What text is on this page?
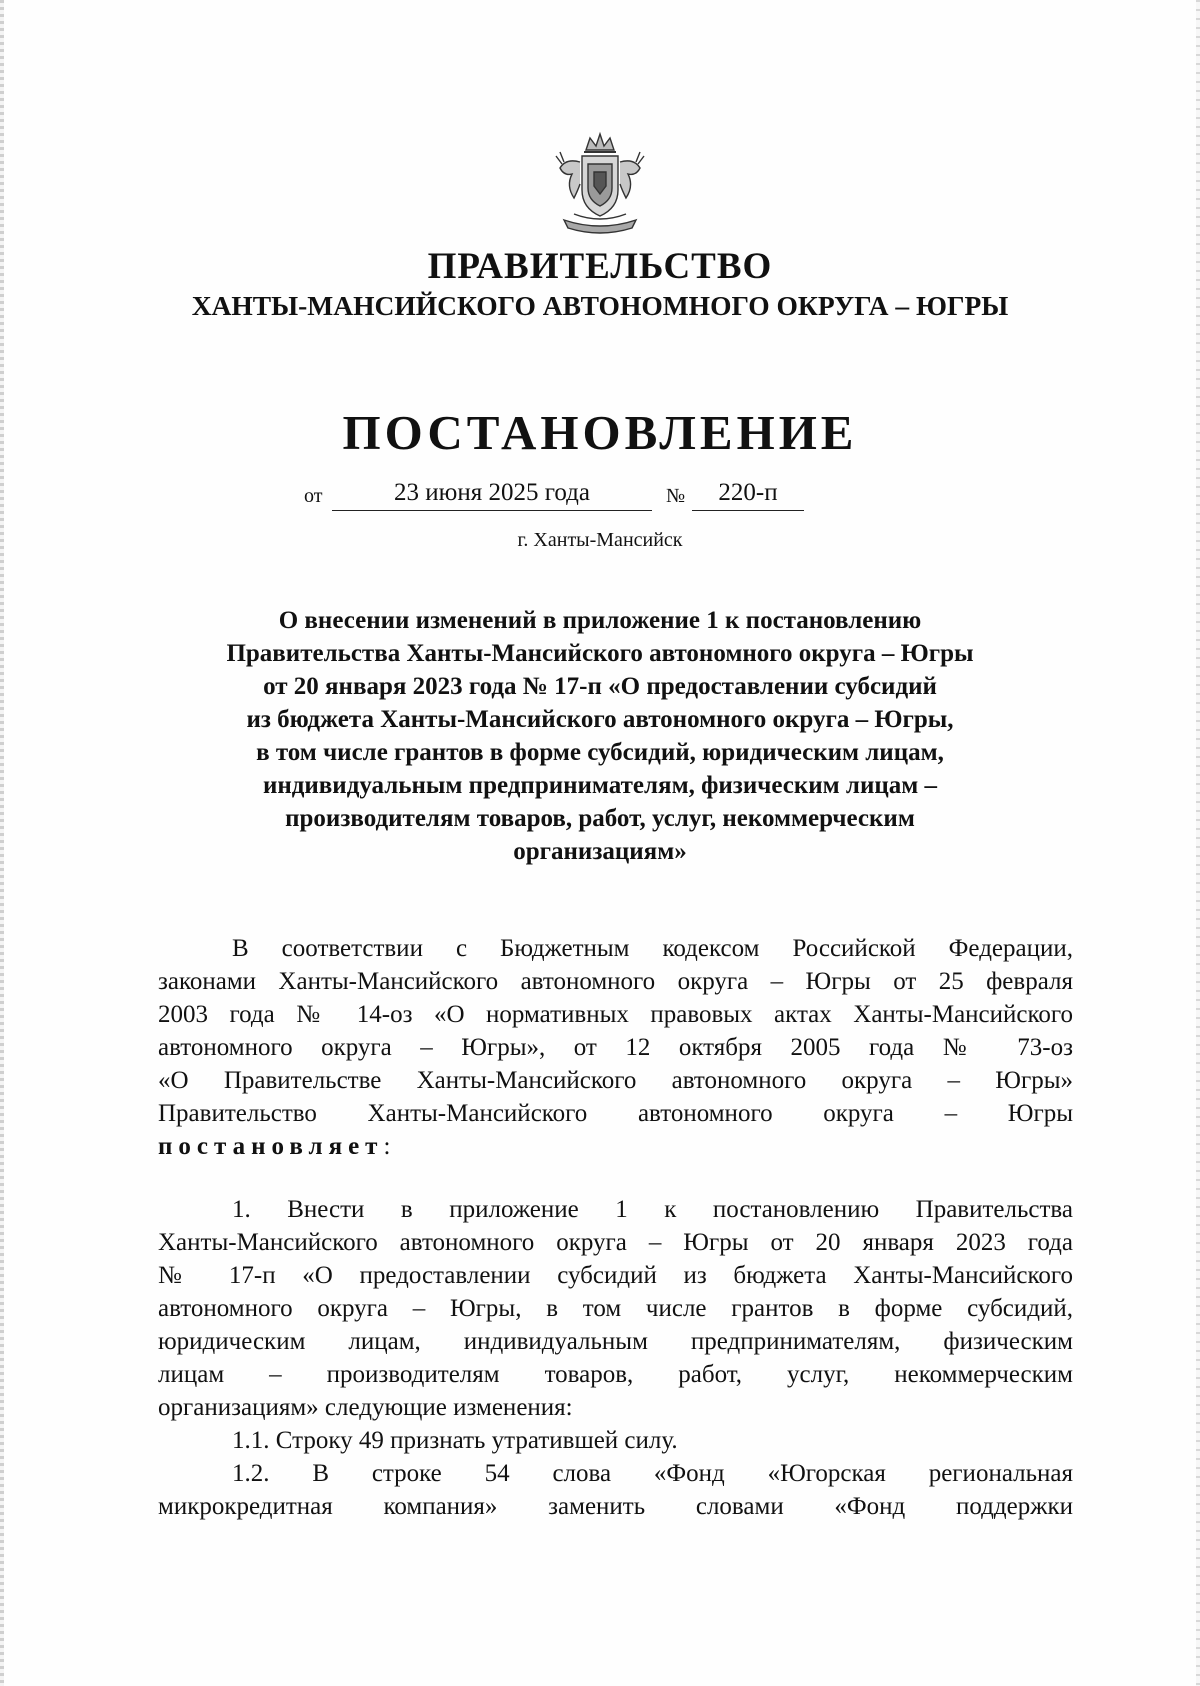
ПРАВИТЕЛЬСТВО
ХАНТЫ-МАНСИЙСКОГО АВТОНОМНОГО ОКРУГА – ЮГРЫ
ПОСТАНОВЛЕНИЕ
от	23 июня 2025 года	№	220-п
г. Ханты-Мансийск
О внесении изменений в приложение 1 к постановлению
Правительства Ханты-Мансийского автономного округа – Югры
от 20 января 2023 года № 17-п «О предоставлении субсидий
из бюджета Ханты-Мансийского автономного округа – Югры,
в том числе грантов в форме субсидий, юридическим лицам,
индивидуальным предпринимателям, физическим лицам –
производителям товаров, работ, услуг, некоммерческим
организациям»
В соответствии с Бюджетным кодексом Российской Федерации,
законами Ханты-Мансийского автономного округа – Югры от 25 февраля
2003 года № 14-оз «О нормативных правовых актах Ханты-Мансийского
автономного округа – Югры», от 12 октября 2005 года № 73-оз
«О Правительстве Ханты-Мансийского автономного округа – Югры»
Правительство Ханты-Мансийского автономного округа – Югры
постановляет:
1. Внести в приложение 1 к постановлению Правительства
Ханты-Мансийского автономного округа – Югры от 20 января 2023 года
№ 17-п «О предоставлении субсидий из бюджета Ханты-Мансийского
автономного округа – Югры, в том числе грантов в форме субсидий,
юридическим лицам, индивидуальным предпринимателям, физическим
лицам – производителям товаров, работ, услуг, некоммерческим
организациям» следующие изменения:
1.1. Строку 49 признать утратившей силу.
1.2. В строке 54 слова «Фонд «Югорская региональная
микрокредитная компания» заменить словами «Фонд поддержки
